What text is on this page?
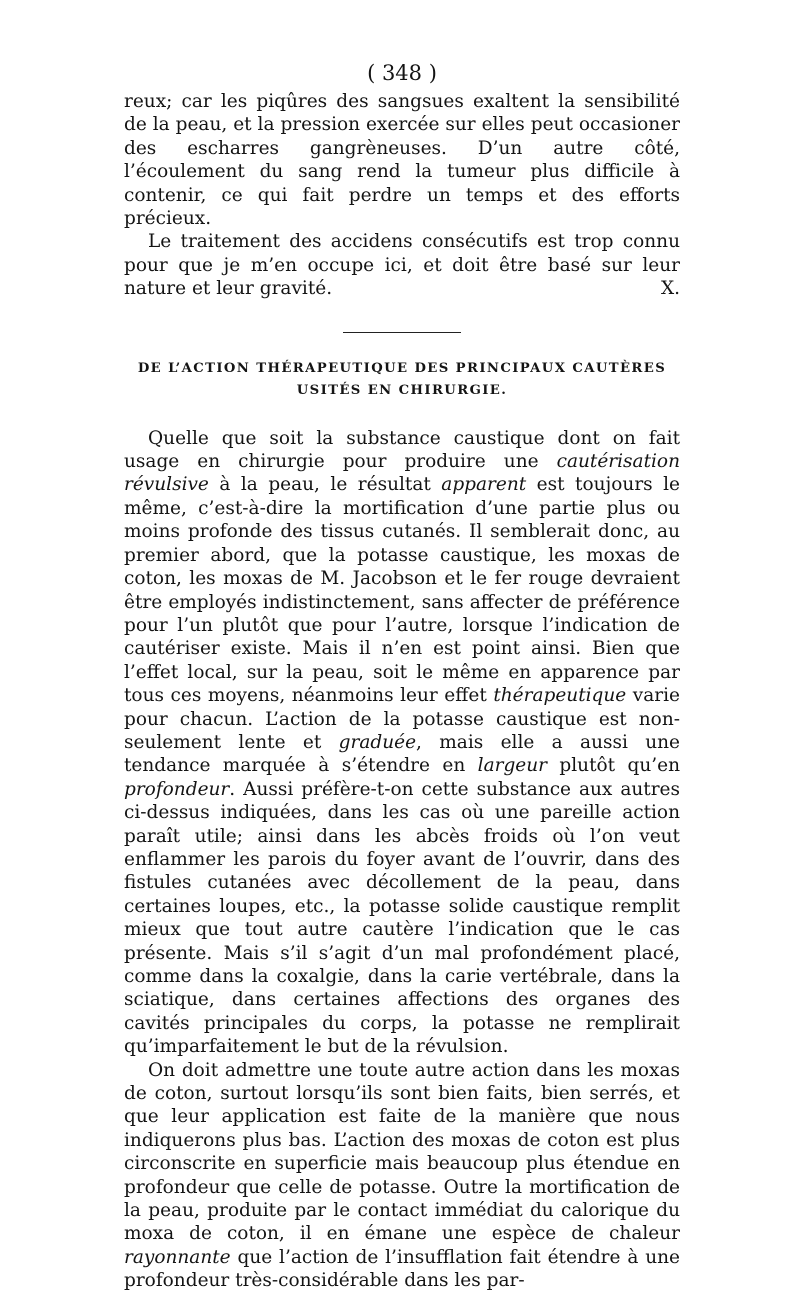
( 348 )

reux; car les piqûres des sangsues exaltent la sensibilité de la peau, et la pression exercée sur elles peut occasioner des escharres gangrèneuses. D’un autre côté, l’écoulement du sang rend la tumeur plus difficile à contenir, ce qui fait perdre un temps et des efforts précieux.

Le traitement des accidens consécutifs est trop connu pour que je m’en occupe ici, et doit être basé sur leur nature et leur gravité.	X.

DE L’ACTION THÉRAPEUTIQUE DES PRINCIPAUX CAUTÈRES
USITÉS EN CHIRURGIE.

Quelle que soit la substance caustique dont on fait usage en chirurgie pour produire une cautérisation révulsive à la peau, le résultat apparent est toujours le même, c’est-à-dire la mortification d’une partie plus ou moins profonde des tissus cutanés. Il semblerait donc, au premier abord, que la potasse caustique, les moxas de coton, les moxas de M. Jacobson et le fer rouge devraient être employés indistinctement, sans affecter de préférence pour l’un plutôt que pour l’autre, lorsque l’indication de cautériser existe. Mais il n’en est point ainsi. Bien que l’effet local, sur la peau, soit le même en apparence par tous ces moyens, néanmoins leur effet thérapeutique varie pour chacun. L’action de la potasse caustique est non-seulement lente et graduée, mais elle a aussi une tendance marquée à s’étendre en largeur plutôt qu’en profondeur. Aussi préfère-t-on cette substance aux autres ci-dessus indiquées, dans les cas où une pareille action paraît utile; ainsi dans les abcès froids où l’on veut enflammer les parois du foyer avant de l’ouvrir, dans des fistules cutanées avec décollement de la peau, dans certaines loupes, etc., la potasse solide caustique remplit mieux que tout autre cautère l’indication que le cas présente. Mais s’il s’agit d’un mal profondément placé, comme dans la coxalgie, dans la carie vertébrale, dans la sciatique, dans certaines affections des organes des cavités principales du corps, la potasse ne remplirait qu’imparfaitement le but de la révulsion.

On doit admettre une toute autre action dans les moxas de coton, surtout lorsqu’ils sont bien faits, bien serrés, et que leur application est faite de la manière que nous indiquerons plus bas. L’action des moxas de coton est plus circonscrite en superficie mais beaucoup plus étendue en profondeur que celle de potasse. Outre la mortification de la peau, produite par le contact immédiat du calorique du moxa de coton, il en émane une espèce de chaleur rayonnante que l’action de l’insufflation fait étendre à une profondeur très-considérable dans les par-
